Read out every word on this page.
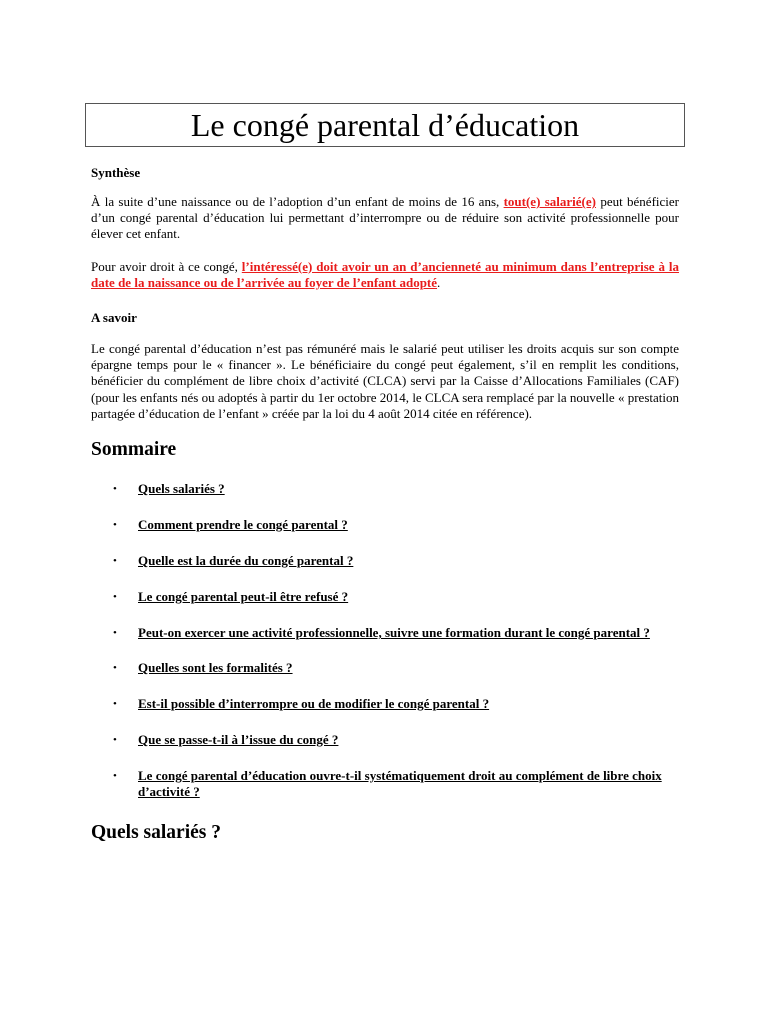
Le congé parental d’éducation

Synthèse

À la suite d’une naissance ou de l’adoption d’un enfant de moins de 16 ans, tout(e) salarié(e) peut bénéficier d’un congé parental d’éducation lui permettant d’interrompre ou de réduire son activité professionnelle pour élever cet enfant.

Pour avoir droit à ce congé, l’intéressé(e) doit avoir un an d’ancienneté au minimum dans l’entreprise à la date de la naissance ou de l’arrivée au foyer de l’enfant adopté.

A savoir

Le congé parental d’éducation n’est pas rémunéré mais le salarié peut utiliser les droits acquis sur son compte épargne temps pour le « financer ». Le bénéficiaire du congé peut également, s’il en remplit les conditions, bénéficier du complément de libre choix d’activité (CLCA) servi par la Caisse d’Allocations Familiales (CAF) (pour les enfants nés ou adoptés à partir du 1er octobre 2014, le CLCA sera remplacé par la nouvelle « prestation partagée d’éducation de l’enfant » créée par la loi du 4 août 2014 citée en référence).

Sommaire
• Quels salariés ?
• Comment prendre le congé parental ?
• Quelle est la durée du congé parental ?
• Le congé parental peut-il être refusé ?
• Peut-on exercer une activité professionnelle, suivre une formation durant le congé parental ?
• Quelles sont les formalités ?
• Est-il possible d’interrompre ou de modifier le congé parental ?
• Que se passe-t-il à l’issue du congé ?
• Le congé parental d’éducation ouvre-t-il systématiquement droit au complément de libre choix d’activité ?
Quels salariés ?
